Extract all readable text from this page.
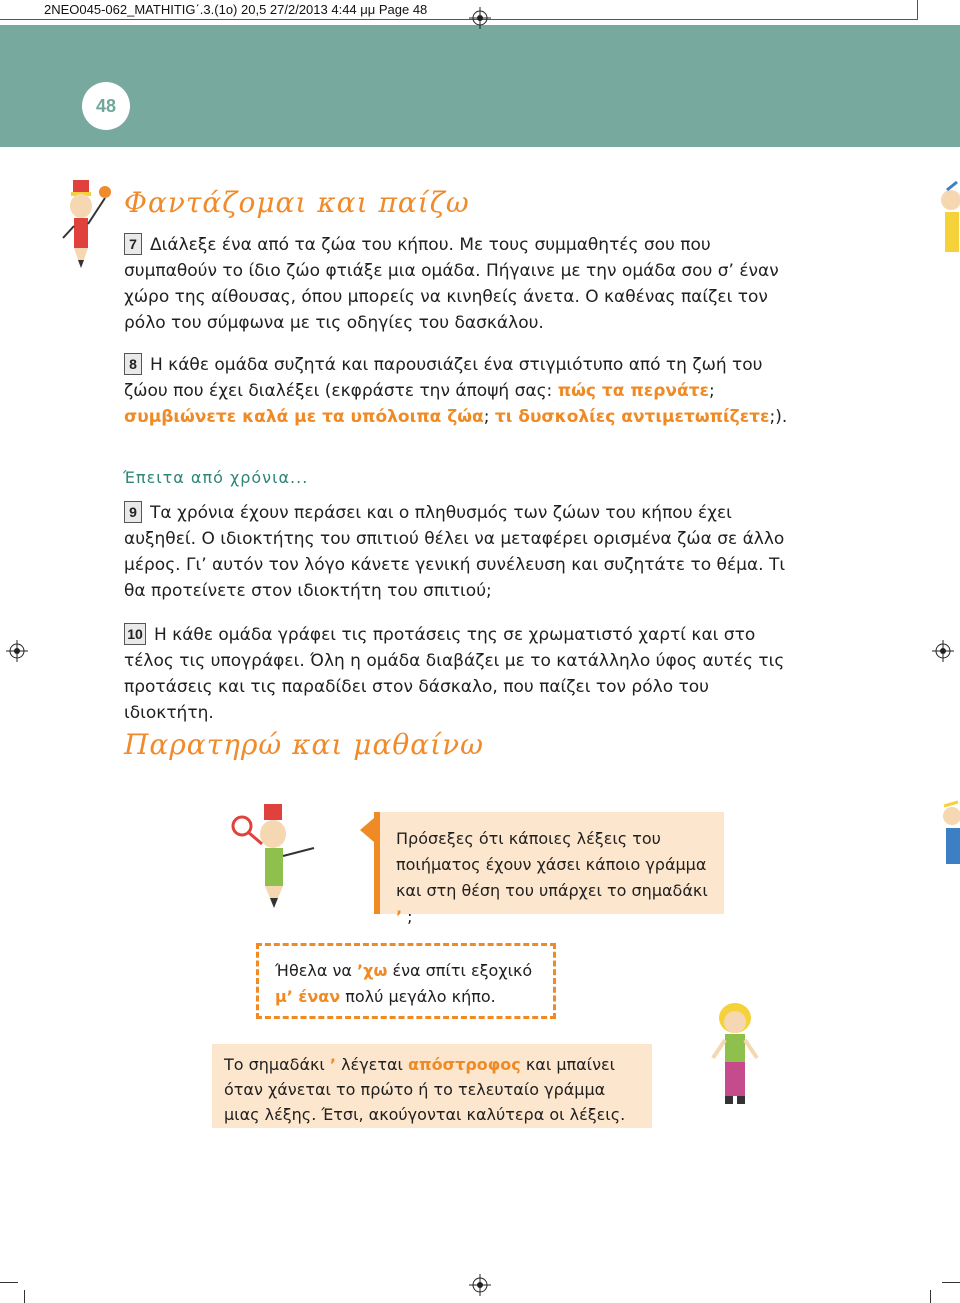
2NEO045-062_MATHITIG΄.3.(1o) 20,5 27/2/2013 4:44 μμ Page 48
48
Φαντάζομαι και παίζω

7 Διάλεξε ένα από τα ζώα του κήπου. Με τους συμμαθητές σου που συμπαθούν το ίδιο ζώο φτιάξε μια ομάδα. Πήγαινε με την ομάδα σου σ’ έναν χώρο της αίθουσας, όπου μπορείς να κινηθείς άνετα. Ο καθένας παίζει τον ρόλο του σύμφωνα με τις οδηγίες του δασκάλου.

8 Η κάθε ομάδα συζητά και παρουσιάζει ένα στιγμιότυπο από τη ζωή του ζώου που έχει διαλέξει (εκφράστε την άποψή σας: πώς τα περνάτε; συμβιώνετε καλά με τα υπόλοιπα ζώα; τι δυσκολίες αντιμετωπίζετε;).

Έπειτα από χρόνια...

9 Τα χρόνια έχουν περάσει και ο πληθυσμός των ζώων του κήπου έχει αυξηθεί. Ο ιδιοκτήτης του σπιτιού θέλει να μεταφέρει ορισμένα ζώα σε άλλο μέρος. Γι’ αυτόν τον λόγο κάνετε γενική συνέλευση και συζητάτε το θέμα. Τι θα προτείνετε στον ιδιοκτήτη του σπιτιού;

10 Η κάθε ομάδα γράφει τις προτάσεις της σε χρωματιστό χαρτί και στο τέλος τις υπογράφει. Όλη η ομάδα διαβάζει με το κατάλληλο ύφος αυτές τις προτάσεις και τις παραδίδει στον δάσκαλο, που παίζει τον ρόλο του ιδιοκτήτη.

Παρατηρώ και μαθαίνω
Πρόσεξες ότι κάποιες λέξεις του ποιήματος έχουν χάσει κάποιο γράμμα και στη θέση του υπάρχει το σημαδάκι ’ ;
Ήθελα να ’χω ένα σπίτι εξοχικό
μ’ έναν πολύ μεγάλο κήπο.
Το σημαδάκι ’ λέγεται απόστροφος και μπαίνει όταν χάνεται το πρώτο ή το τελευταίο γράμμα μιας λέξης. Έτσι, ακούγονται καλύτερα οι λέξεις.
